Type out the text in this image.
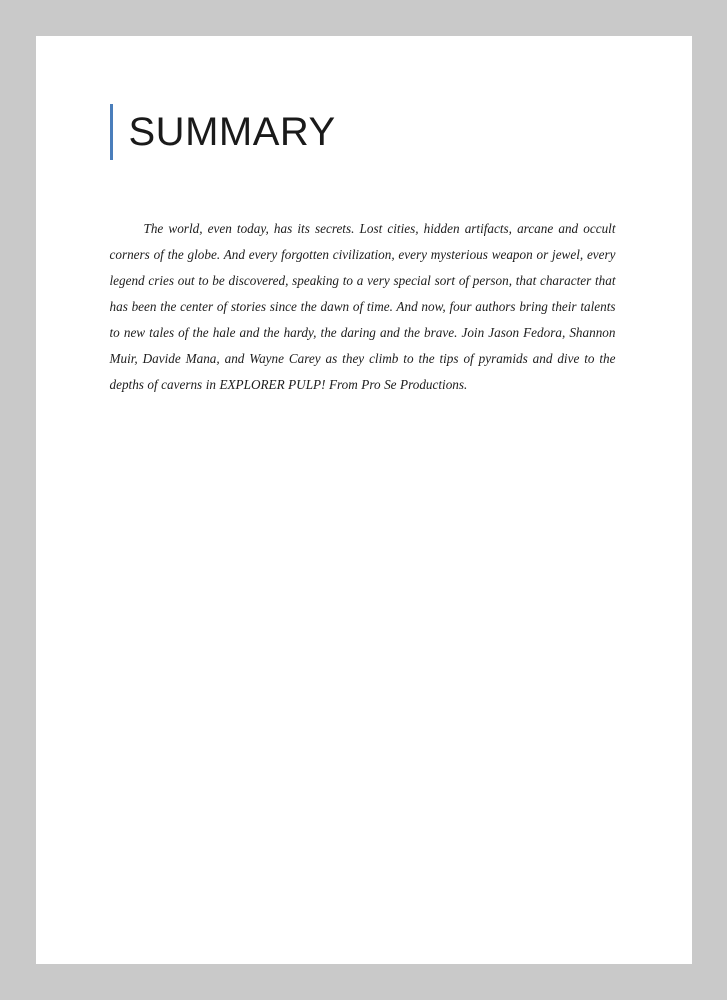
SUMMARY

The world, even today, has its secrets. Lost cities, hidden artifacts, arcane and occult corners of the globe. And every forgotten civilization, every mysterious weapon or jewel, every legend cries out to be discovered, speaking to a very special sort of person, that character that has been the center of stories since the dawn of time. And now, four authors bring their talents to new tales of the hale and the hardy, the daring and the brave. Join Jason Fedora, Shannon Muir, Davide Mana, and Wayne Carey as they climb to the tips of pyramids and dive to the depths of caverns in EXPLORER PULP! From Pro Se Productions.
